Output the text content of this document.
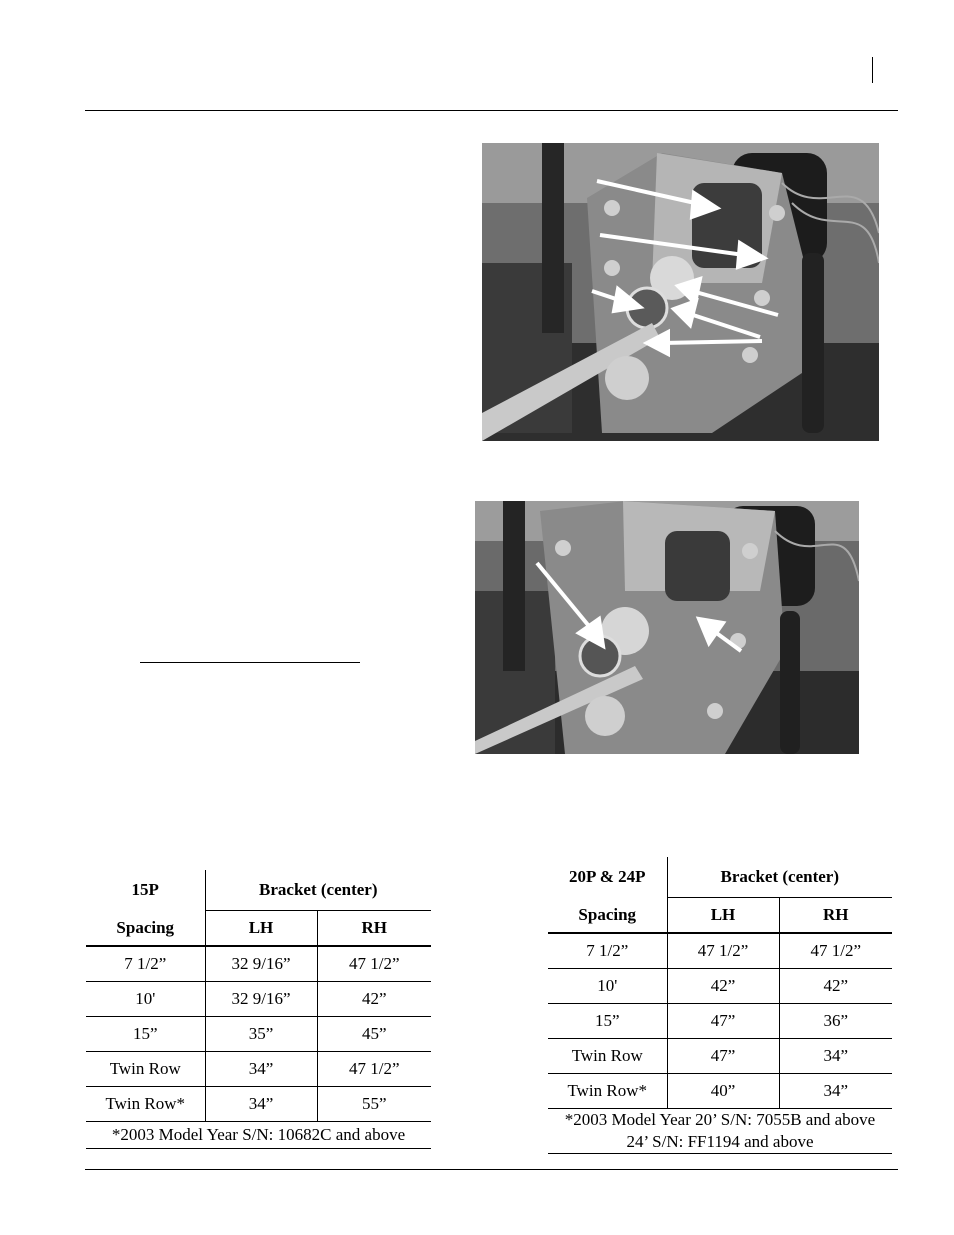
15P	Bracket (center)	
Spacing	LH	RH
7 1/2”	32 9/16”	47 1/2”
10'	32 9/16”	42”
15”	35”	45”
Twin Row	34”	47 1/2”
Twin Row*	34”	55”
*2003 Model Year S/N: 10682C and above		
20P & 24P	Bracket (center)	
Spacing	LH	RH
7 1/2”	47 1/2”	47 1/2”
10'	42”	42”
15”	47”	36”
Twin Row	47”	34”
Twin Row*	40”	34”
*2003 Model Year 20’ S/N: 7055B and above
24’ S/N: FF1194 and above		
